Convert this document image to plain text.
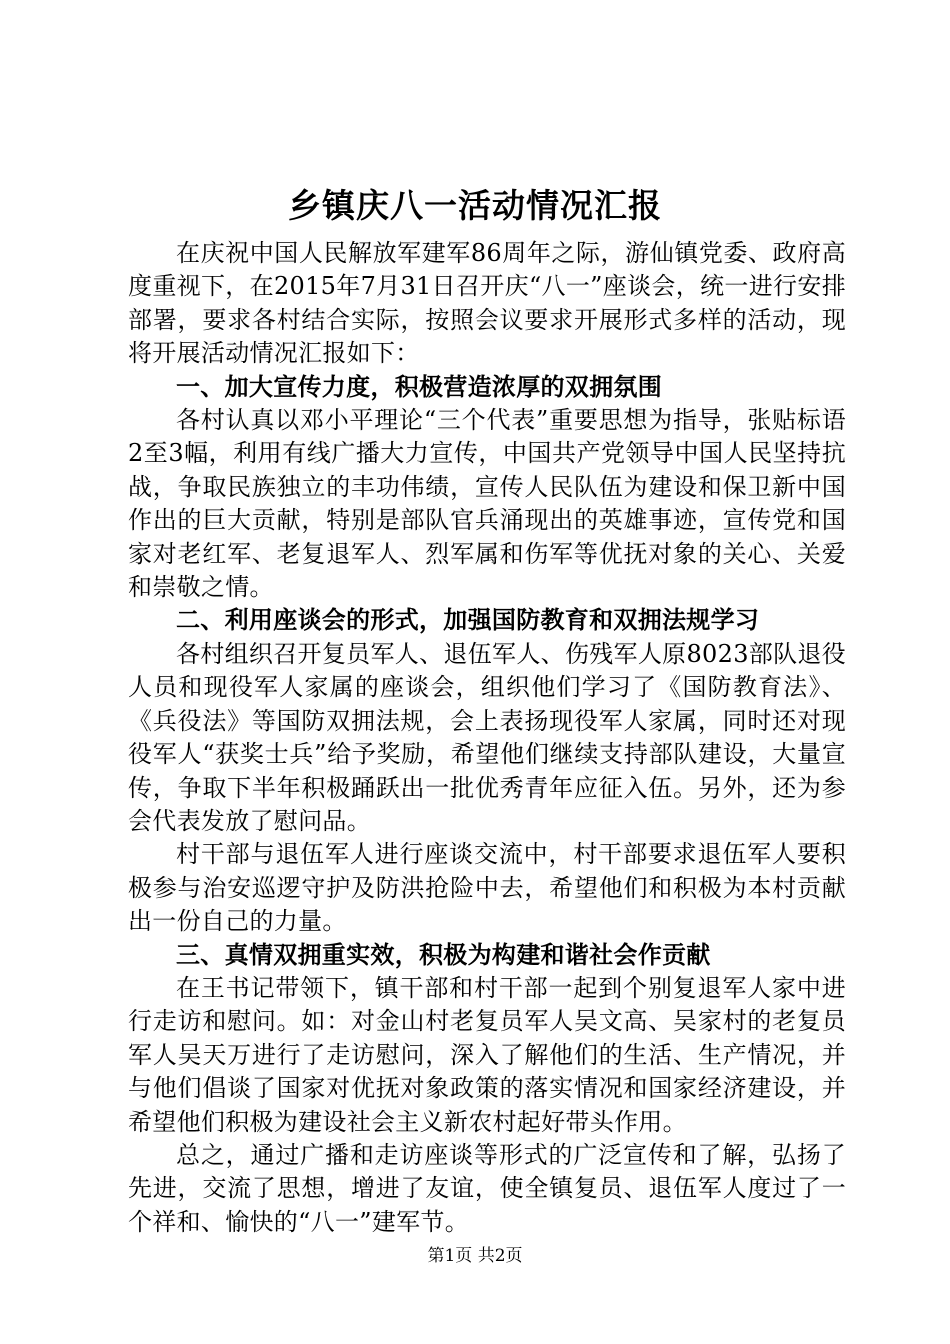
乡镇庆八一活动情况汇报

在庆祝中国人民解放军建军86周年之际，游仙镇党委、政府高度重视下，在2015年7月31日召开庆“八一”座谈会，统一进行安排部署，要求各村结合实际，按照会议要求开展形式多样的活动，现将开展活动情况汇报如下：

一、加大宣传力度，积极营造浓厚的双拥氛围

各村认真以邓小平理论“三个代表”重要思想为指导，张贴标语2至3幅，利用有线广播大力宣传，中国共产党领导中国人民坚持抗战，争取民族独立的丰功伟绩，宣传人民队伍为建设和保卫新中国作出的巨大贡献，特别是部队官兵涌现出的英雄事迹，宣传党和国家对老红军、老复退军人、烈军属和伤军等优抚对象的关心、关爱和崇敬之情。

二、利用座谈会的形式，加强国防教育和双拥法规学习

各村组织召开复员军人、退伍军人、伤残军人原8023部队退役人员和现役军人家属的座谈会，组织他们学习了《国防教育法》、《兵役法》等国防双拥法规，会上表扬现役军人家属，同时还对现役军人“获奖士兵”给予奖励，希望他们继续支持部队建设，大量宣传，争取下半年积极踊跃出一批优秀青年应征入伍。另外，还为参会代表发放了慰问品。

村干部与退伍军人进行座谈交流中，村干部要求退伍军人要积极参与治安巡逻守护及防洪抢险中去，希望他们和积极为本村贡献出一份自己的力量。

三、真情双拥重实效，积极为构建和谐社会作贡献

在王书记带领下，镇干部和村干部一起到个别复退军人家中进行走访和慰问。如：对金山村老复员军人吴文高、吴家村的老复员军人吴天万进行了走访慰问，深入了解他们的生活、生产情况，并与他们倡谈了国家对优抚对象政策的落实情况和国家经济建设，并希望他们积极为建设社会主义新农村起好带头作用。

总之，通过广播和走访座谈等形式的广泛宣传和了解，弘扬了先进，交流了思想，增进了友谊，使全镇复员、退伍军人度过了一个祥和、愉快的“八一”建军节。

第1页 共2页
